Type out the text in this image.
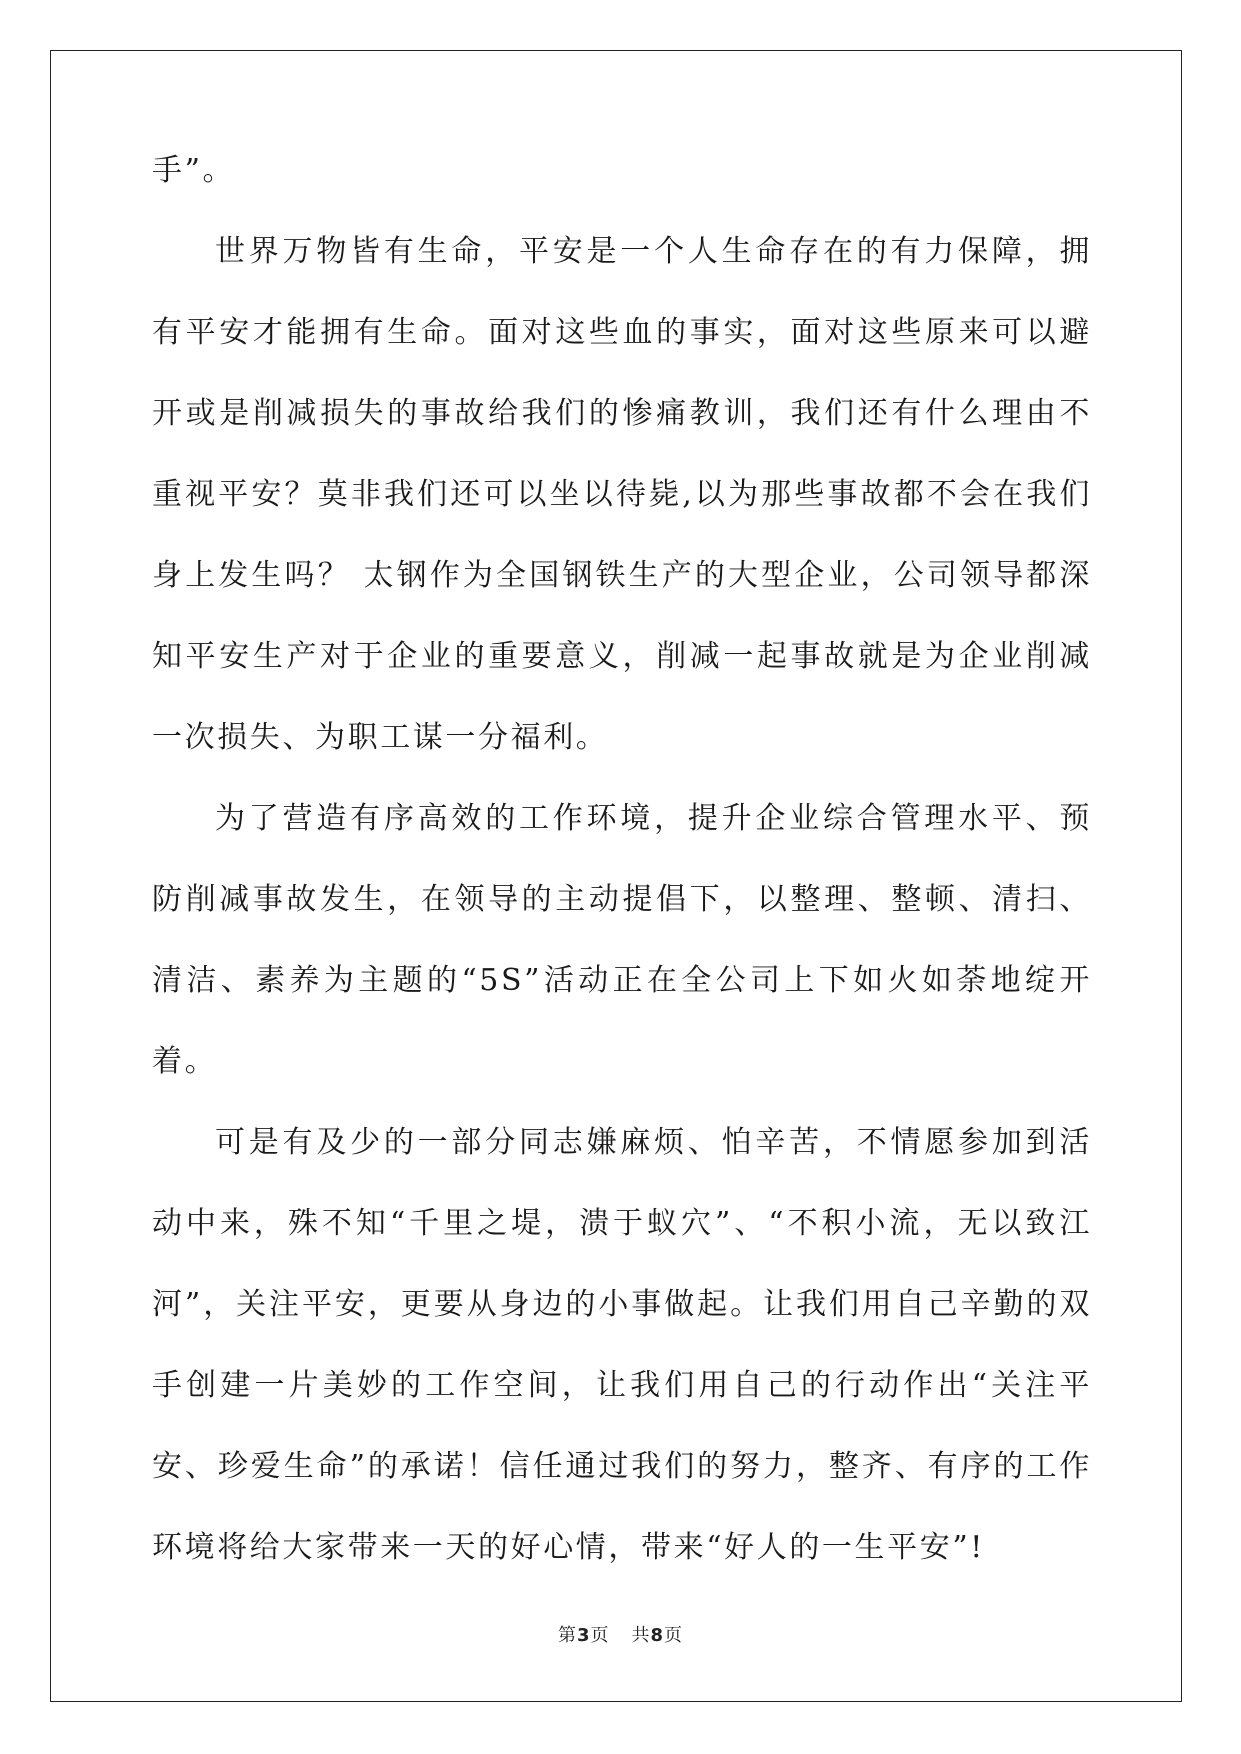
手”。

世界万物皆有生命，平安是一个人生命存在的有力保障，拥有平安才能拥有生命。面对这些血的事实，面对这些原来可以避开或是削减损失的事故给我们的惨痛教训，我们还有什么理由不重视平安？莫非我们还可以坐以待毙,以为那些事故都不会在我们身上发生吗？ 太钢作为全国钢铁生产的大型企业，公司领导都深知平安生产对于企业的重要意义，削减一起事故就是为企业削减一次损失、为职工谋一分福利。

为了营造有序高效的工作环境，提升企业综合管理水平、预防削减事故发生，在领导的主动提倡下，以整理、整顿、清扫、清洁、素养为主题的“5S”活动正在全公司上下如火如荼地绽开着。

可是有及少的一部分同志嫌麻烦、怕辛苦，不情愿参加到活动中来，殊不知“千里之堤，溃于蚁穴”、“不积小流，无以致江河”，关注平安，更要从身边的小事做起。让我们用自己辛勤的双手创建一片美妙的工作空间，让我们用自己的行动作出“关注平安、珍爱生命”的承诺！信任通过我们的努力，整齐、有序的工作环境将给大家带来一天的好心情，带来“好人的一生平安”!

第3页 共8页
